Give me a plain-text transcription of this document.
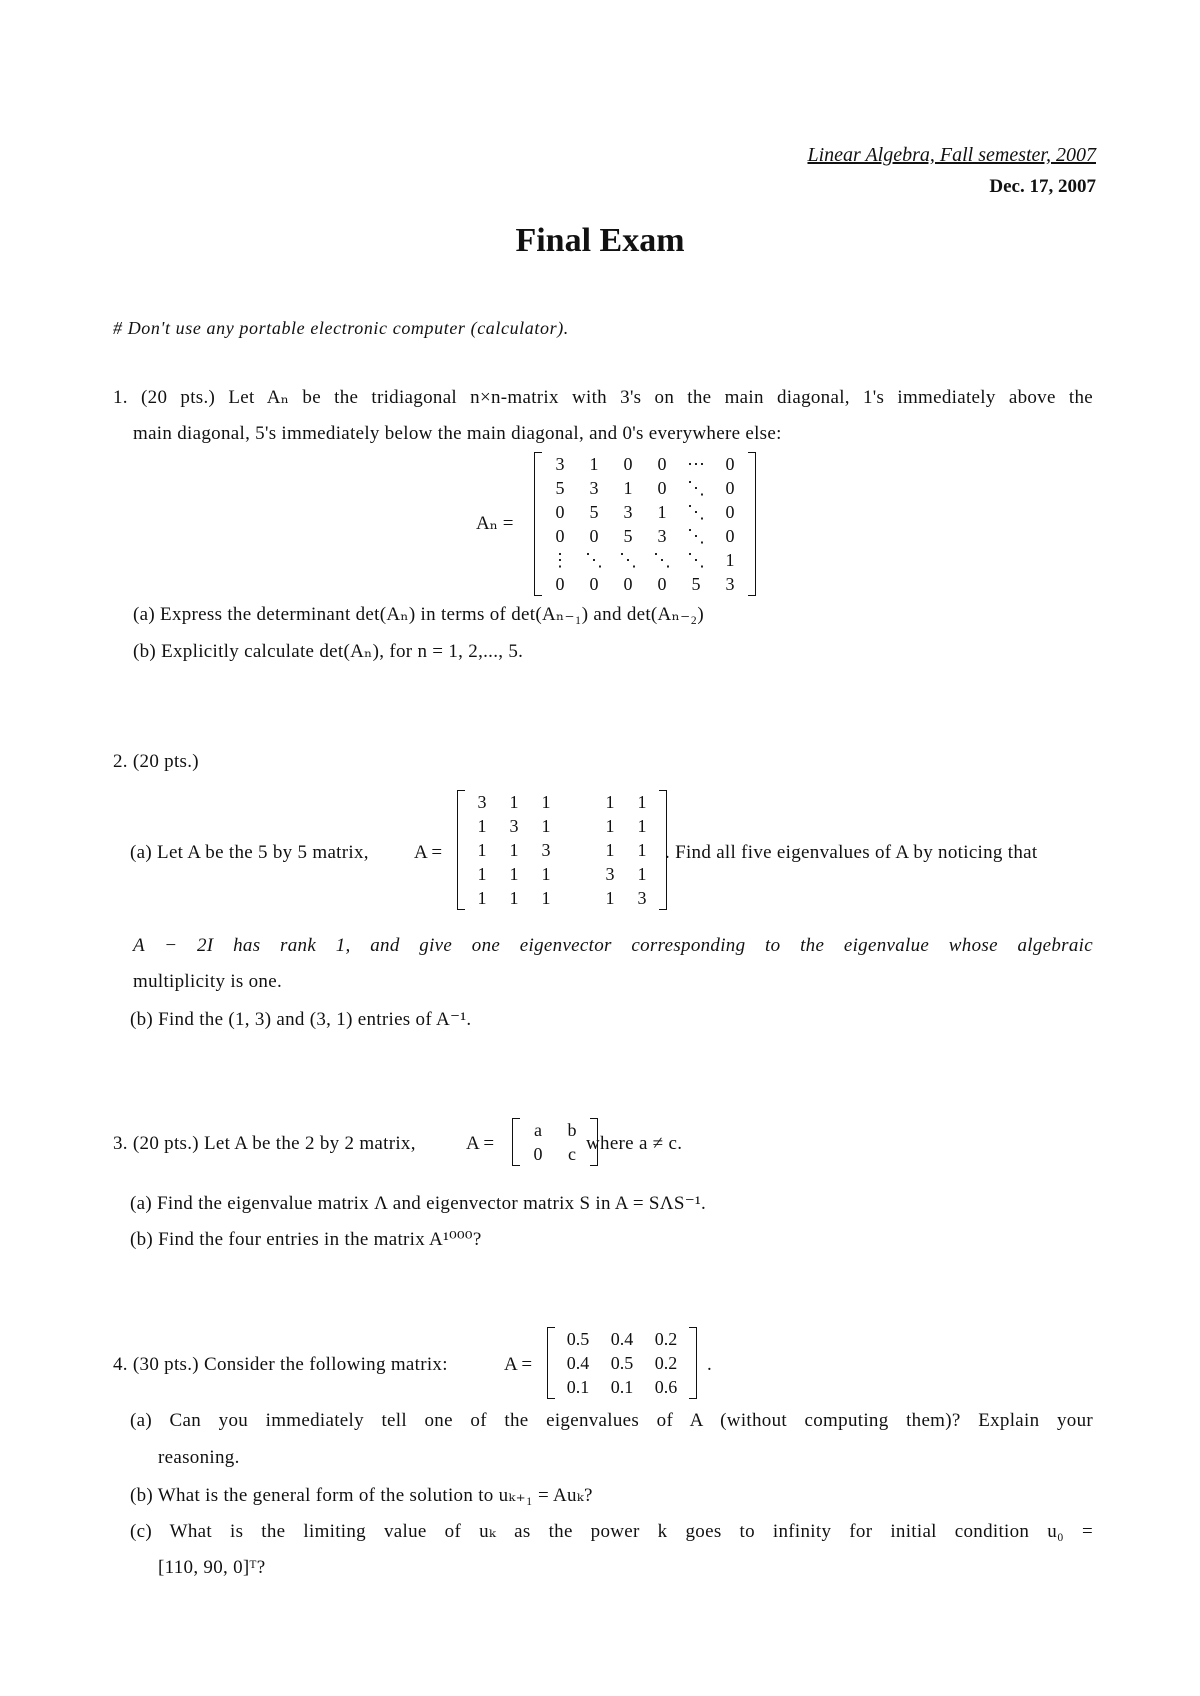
Linear Algebra, Fall semester, 2007
Dec. 17, 2007
Final Exam
# Don't use any portable electronic computer (calculator).
1. (20 pts.) Let Aₙ be the tridiagonal n×n-matrix with 3's on the main diagonal, 1's immediately above the
main diagonal, 5's immediately below the main diagonal, and 0's everywhere else:
Aₙ =
3	1	0	0	⋯	0
5	3	1	0	⋱	0
0	5	3	1	⋱	0
0	0	5	3	⋱	0
⋮	⋱	⋱	⋱	⋱	1
0	0	0	0	5	3
(a) Express the determinant det(Aₙ) in terms of det(Aₙ₋₁) and det(Aₙ₋₂)
(b) Explicitly calculate det(Aₙ), for n = 1, 2,..., 5.
2. (20 pts.)
(a) Let A be the 5 by 5 matrix, A =
3	1	1		1	1
1	3	1		1	1
1	1	3		1	1
1	1	1		3	1
1	1	1		1	3
. Find all five eigenvalues of A by noticing that
A − 2I has rank 1, and give one eigenvector corresponding to the eigenvalue whose algebraic
multiplicity is one.
(b) Find the (1, 3) and (3, 1) entries of A⁻¹.
3. (20 pts.) Let A be the 2 by 2 matrix,	A =
a	b
0	c where a ≠ c.
(a) Find the eigenvalue matrix Λ and eigenvector matrix S in A = SΛS⁻¹.
(b) Find the four entries in the matrix A¹⁰⁰⁰?
4. (30 pts.) Consider the following matrix:	A =
0.5	0.4	0.2
0.4	0.5	0.2
0.1	0.1	0.6
.
(a) Can you immediately tell one of the eigenvalues of A (without computing them)? Explain your
reasoning.
(b) What is the general form of the solution to uₖ₊₁ = Auₖ?
(c) What is the limiting value of uₖ as the power k goes to infinity for initial condition u₀ =
[110, 90, 0]ᵀ?
